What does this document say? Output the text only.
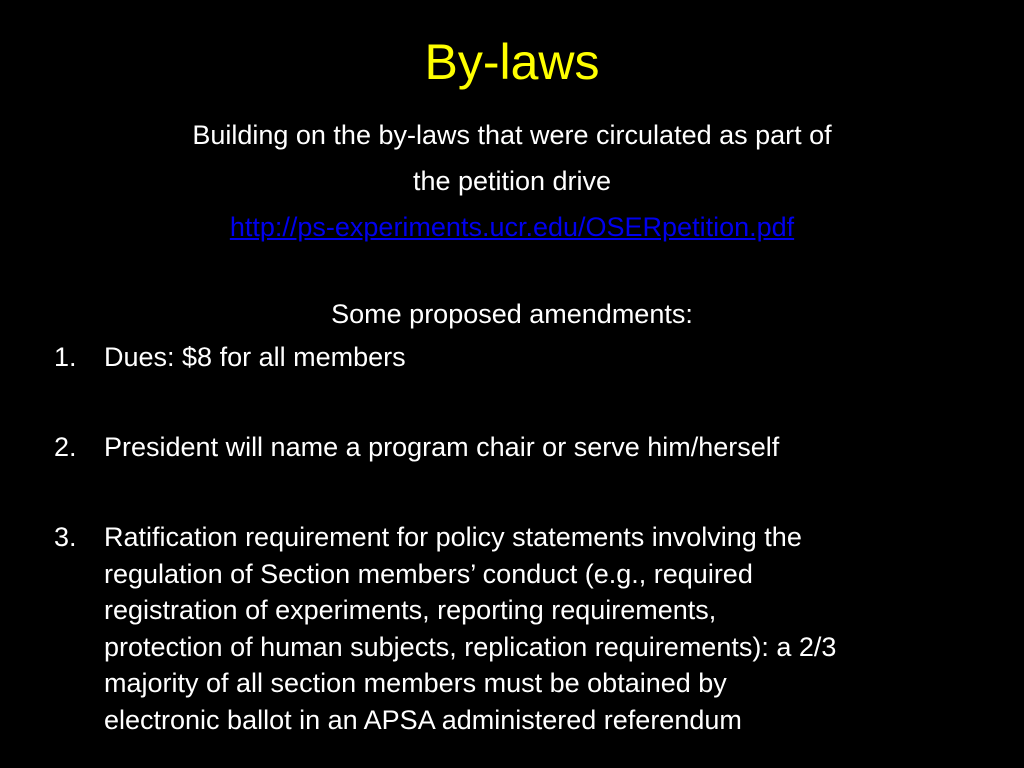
By-laws
Building on the by-laws that were circulated as part of
the petition drive
http://ps-experiments.ucr.edu/OSERpetition.pdf
Some proposed amendments:
1.	Dues: $8 for all members
2.	President will name a program chair or serve him/herself
3.	Ratification requirement for policy statements involving the
regulation of Section members’ conduct (e.g., required
registration of experiments, reporting requirements,
protection of human subjects, replication requirements): a 2/3
majority of all section members must be obtained by
electronic ballot in an APSA administered referendum
